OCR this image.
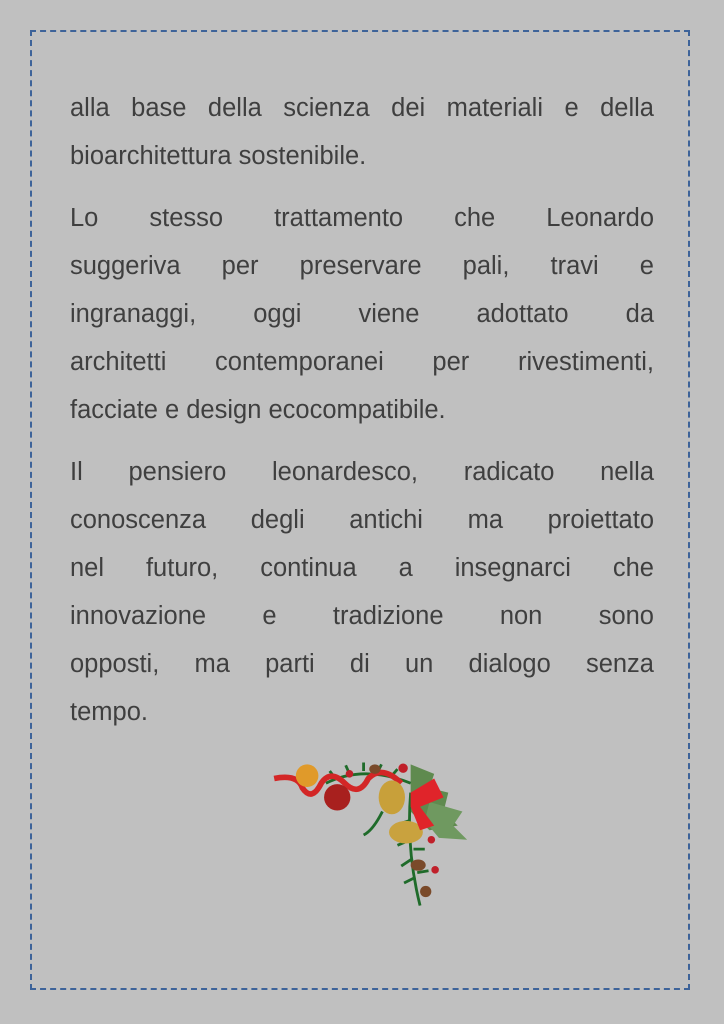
alla base della scienza dei materiali e della
bioarchitettura sostenibile.
Lo stesso trattamento che Leonardo
suggeriva per preservare pali, travi e
ingranaggi, oggi viene adottato da
architetti contemporanei per rivestimenti,
facciate e design ecocompatibile.
Il pensiero leonardesco, radicato nella
conoscenza degli antichi ma proiettato
nel futuro, continua a insegnarci che
innovazione e tradizione non sono
opposti, ma parti di un dialogo senza
tempo.
